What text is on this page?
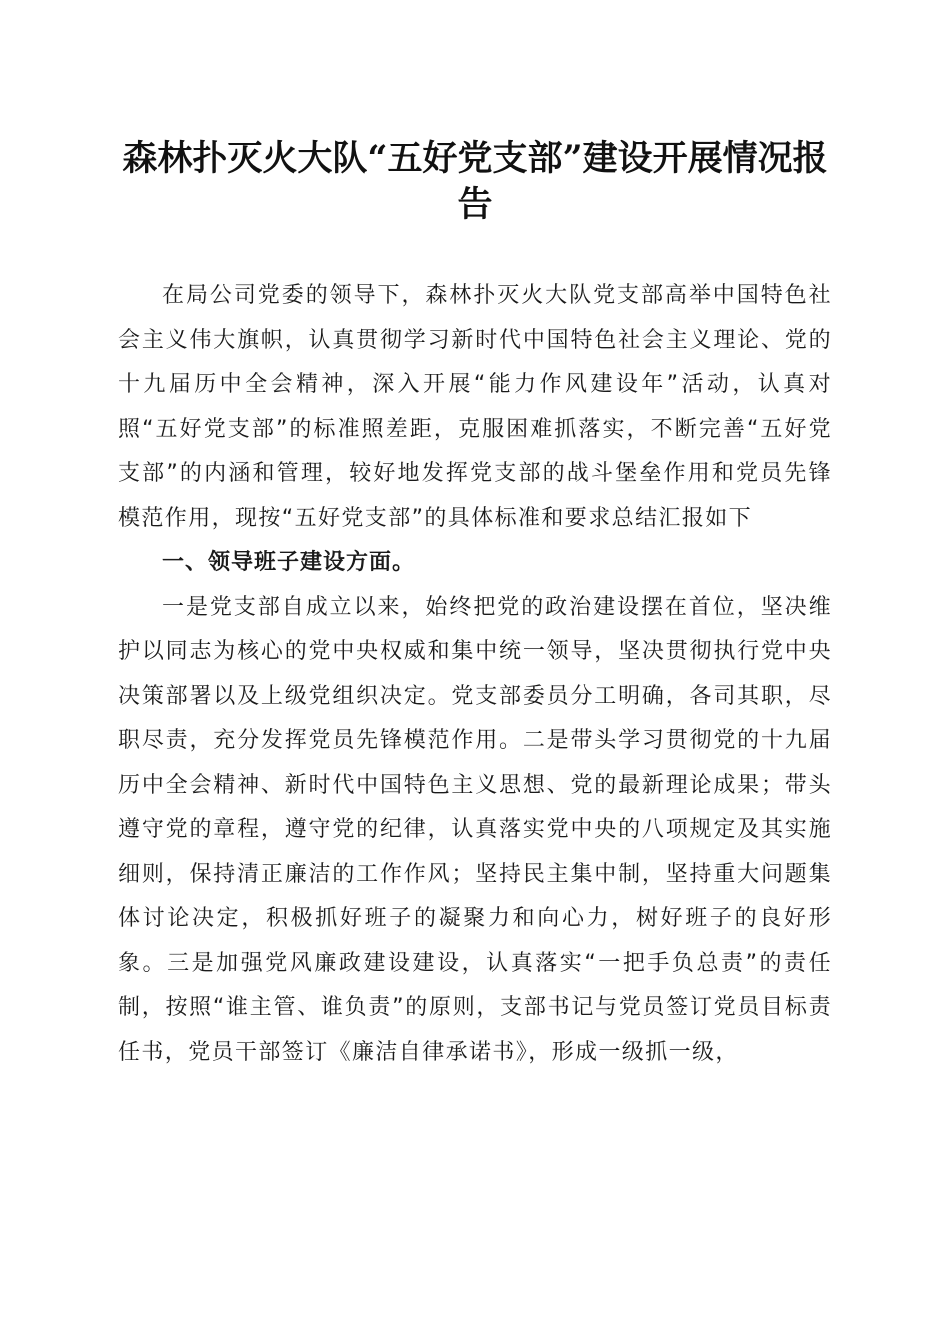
森林扑灭火大队“五好党支部”建设开展情况报告

在局公司党委的领导下，森林扑灭火大队党支部高举中国特色社会主义伟大旗帜，认真贯彻学习新时代中国特色社会主义理论、党的十九届历中全会精神，深入开展“能力作风建设年”活动，认真对照“五好党支部”的标准照差距，克服困难抓落实，不断完善“五好党支部”的内涵和管理，较好地发挥党支部的战斗堡垒作用和党员先锋模范作用，现按“五好党支部”的具体标准和要求总结汇报如下

一、领导班子建设方面。

一是党支部自成立以来，始终把党的政治建设摆在首位，坚决维护以同志为核心的党中央权威和集中统一领导，坚决贯彻执行党中央决策部署以及上级党组织决定。党支部委员分工明确，各司其职，尽职尽责，充分发挥党员先锋模范作用。二是带头学习贯彻党的十九届历中全会精神、新时代中国特色主义思想、党的最新理论成果；带头遵守党的章程，遵守党的纪律，认真落实党中央的八项规定及其实施细则，保持清正廉洁的工作作风；坚持民主集中制，坚持重大问题集体讨论决定，积极抓好班子的凝聚力和向心力，树好班子的良好形象。三是加强党风廉政建设建设，认真落实“一把手负总责”的责任制，按照“谁主管、谁负责”的原则，支部书记与党员签订党员目标责任书，党员干部签订《廉洁自律承诺书》，形成一级抓一级，
